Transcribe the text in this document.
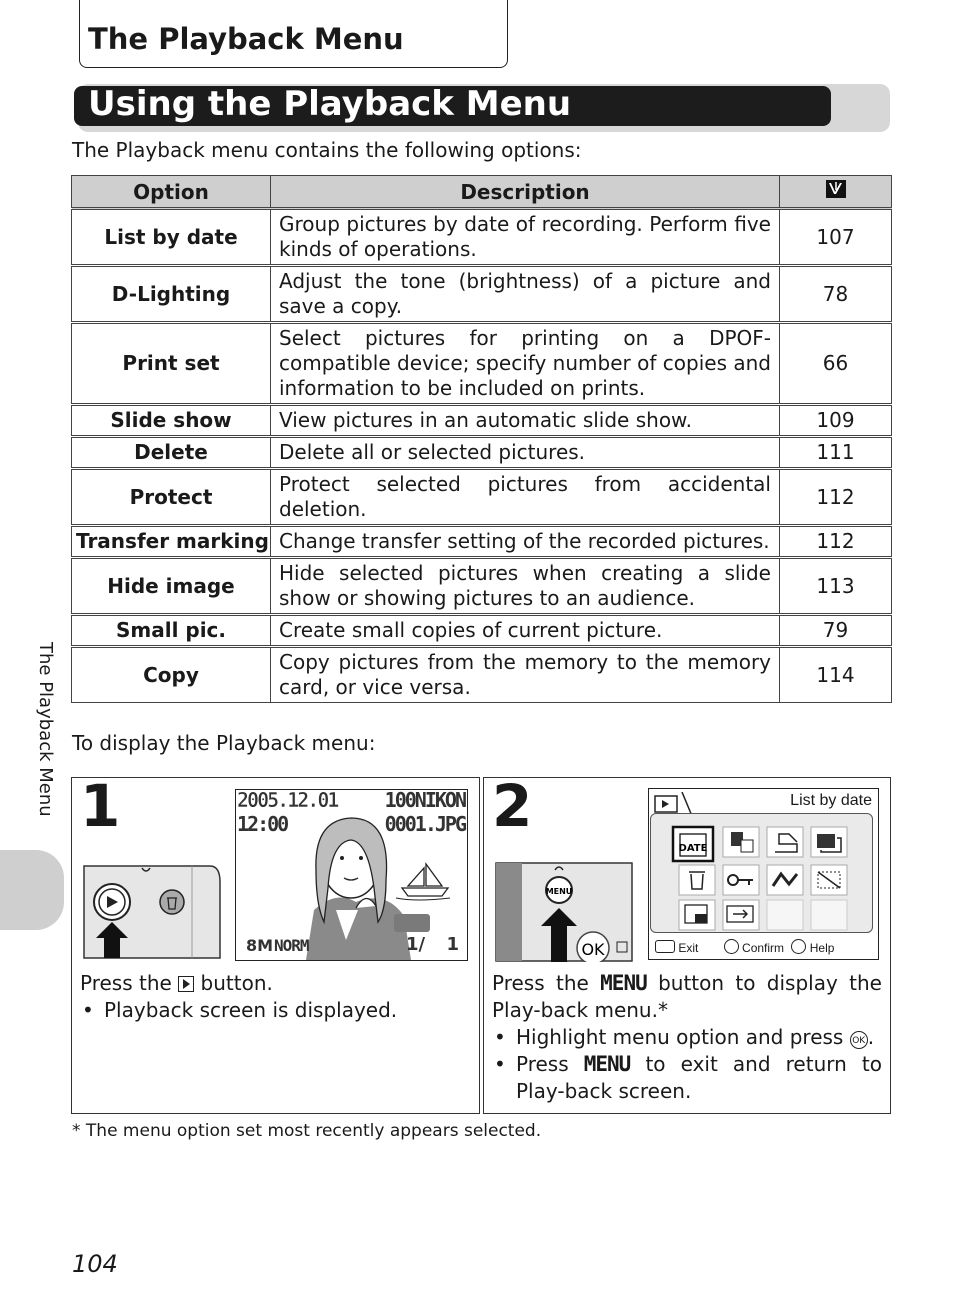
The Playback Menu
Using the Playback Menu
The Playback menu contains the following options:
Option	Description	
List by date	Group pictures by date of recording. Perform five kinds of operations.	107
D-Lighting	Adjust the tone (brightness) of a picture and save a copy.	78
Print set	Select pictures for printing on a DPOF-compatible device; specify number of copies and information to be included on prints.	66
Slide show	View pictures in an automatic slide show.	109
Delete	Delete all or selected pictures.	111
Protect	Protect selected pictures from accidental deletion.	112
Transfer marking	Change transfer setting of the recorded pictures.	112
Hide image	Hide selected pictures when creating a slide show or showing pictures to an audience.	113
Small pic.	Create small copies of current picture.	79
Copy	Copy pictures from the memory to the memory card, or vice versa.	114
The Playback Menu To display the Playback menu:
1	2005.12.01
12:00
100NIKON
0001.JPG
8M NORM	1/ 1
Press the button.
• Playback screen is displayed.
2
MENU
OK
List by date
DATE
Exit	Confirm Help
Press the MENU button to display the Play-back menu.*
• Highlight menu option and press OK .
• Press MENU to exit and return to Play-back screen.
* The menu option set most recently appears selected.
104
